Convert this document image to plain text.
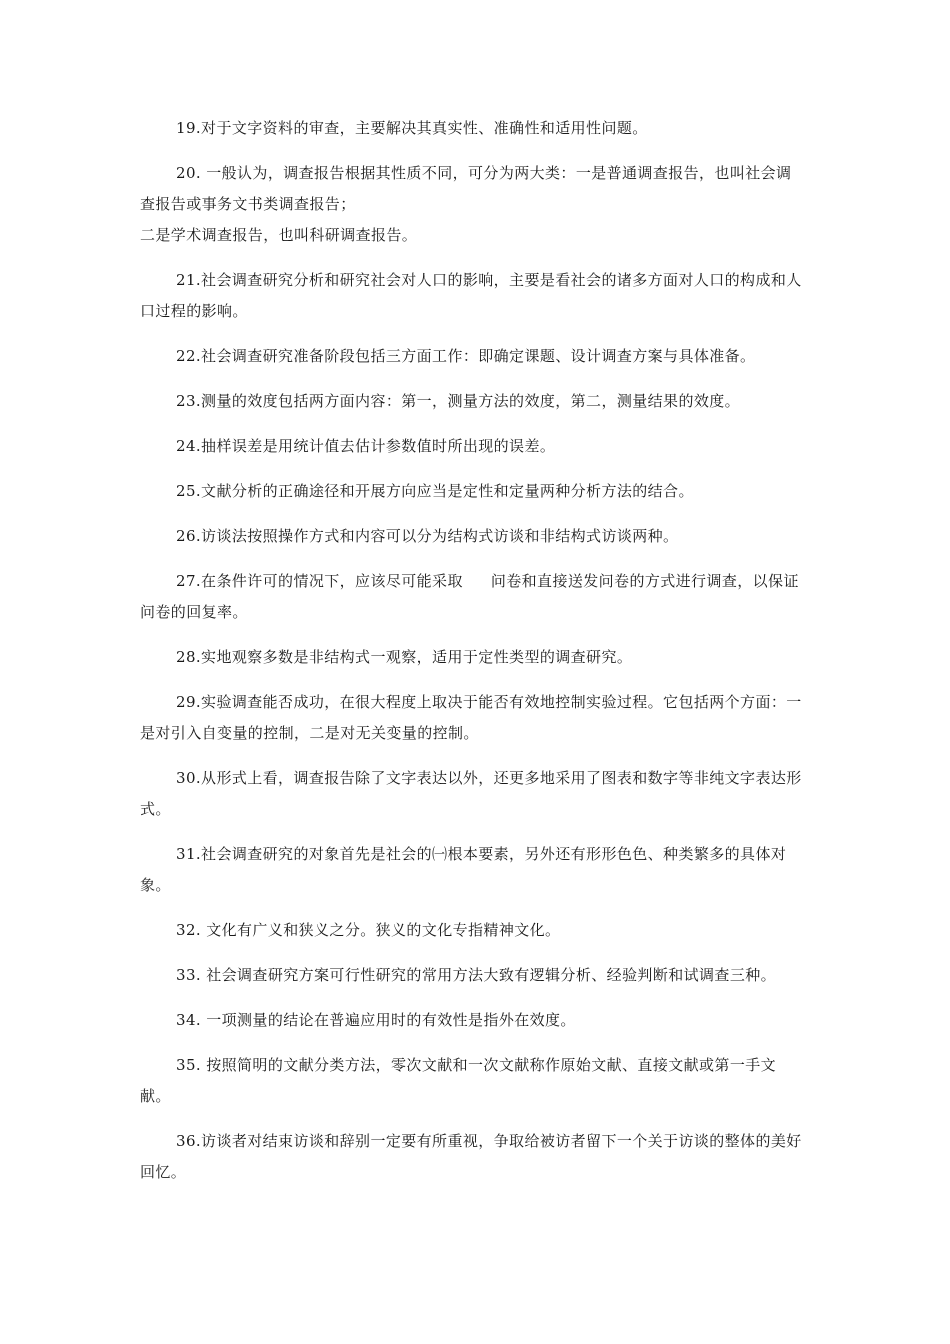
19.对于文字资料的审查，主要解决其真实性、准确性和适用性问题。

20. 一般认为，调查报告根据其性质不同，可分为两大类：一是普通调查报告，也叫社会调查报告或事务文书类调查报告；
二是学术调查报告，也叫科研调查报告。

21.社会调查研究分析和研究社会对人口的影响，主要是看社会的诸多方面对人口的构成和人口过程的影响。

22.社会调查研究准备阶段包括三方面工作：即确定课题、设计调查方案与具体准备。

23.测量的效度包括两方面内容：第一，测量方法的效度，第二，测量结果的效度。

24.抽样误差是用统计值去估计参数值时所出现的误差。

25.文献分析的正确途径和开展方向应当是定性和定量两种分析方法的结合。

26.访谈法按照操作方式和内容可以分为结构式访谈和非结构式访谈两种。

27.在条件许可的情况下，应该尽可能采取 问卷和直接送发问卷的方式进行调查，以保证问卷的回复率。

28.实地观察多数是非结构式一观察，适用于定性类型的调查研究。

29.实验调查能否成功，在很大程度上取决于能否有效地控制实验过程。它包括两个方面：一是对引入自变量的控制，二是对无关变量的控制。

30.从形式上看，调查报告除了文字表达以外，还更多地采用了图表和数字等非纯文字表达形式。

31.社会调查研究的对象首先是社会的㈠根本要素，另外还有形形色色、种类繁多的具体对象。

32. 文化有广义和狭义之分。狭义的文化专指精神文化。

33. 社会调查研究方案可行性研究的常用方法大致有逻辑分析、经验判断和试调查三种。

34. 一项测量的结论在普遍应用时的有效性是指外在效度。

35. 按照简明的文献分类方法，零次文献和一次文献称作原始文献、直接文献或第一手文献。

36.访谈者对结束访谈和辞别一定要有所重视，争取给被访者留下一个关于访谈的整体的美好回忆。
